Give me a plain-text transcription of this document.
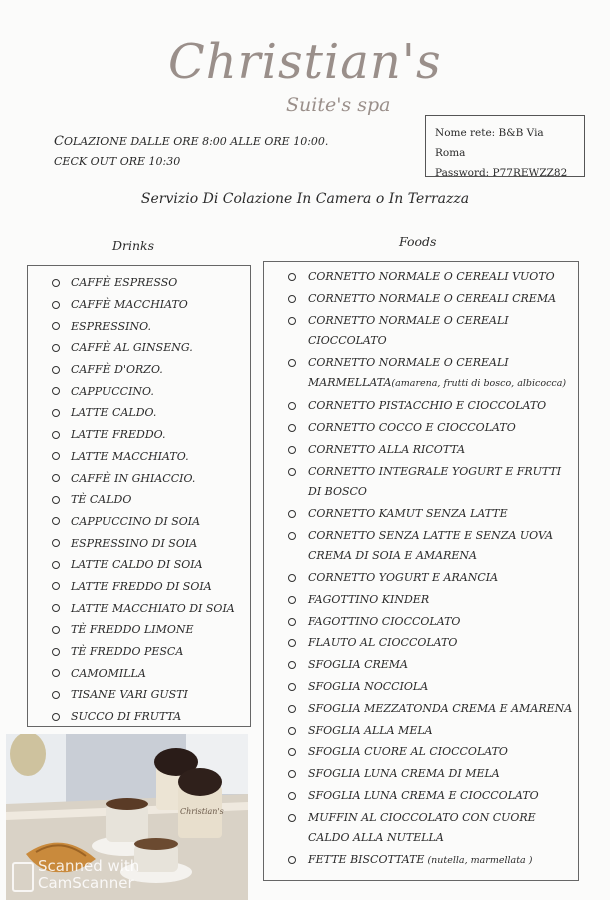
Christian's
Suite's spa
COLAZIONE DALLE ORE 8:00 ALLE ORE 10:00.
CECK OUT ORE 10:30
Nome rete: B&B Via Roma
Password: P77REWZZ82
Servizio Di Colazione In Camera o In Terrazza
Drinks	Foods
CAFFÈ ESPRESSO
CAFFÈ MACCHIATO
ESPRESSINO.
CAFFÈ AL GINSENG.
CAFFÈ D'ORZO.
CAPPUCCINO.
LATTE CALDO.
LATTE FREDDO.
LATTE MACCHIATO.
CAFFÈ IN GHIACCIO.
TÈ CALDO
CAPPUCCINO DI SOIA
ESPRESSINO DI SOIA
LATTE CALDO DI SOIA
LATTE FREDDO DI SOIA
LATTE MACCHIATO DI SOIA
TÈ FREDDO LIMONE
TÈ FREDDO PESCA
CAMOMILLA
TISANE VARI GUSTI
SUCCO DI FRUTTA
CORNETTO NORMALE O CEREALI VUOTO
CORNETTO NORMALE O CEREALI CREMA
CORNETTO NORMALE O CEREALI CIOCCOLATO
CORNETTO NORMALE O CEREALI MARMELLATA(amarena, frutti di bosco, albicocca)
CORNETTO PISTACCHIO E CIOCCOLATO
CORNETTO COCCO E CIOCCOLATO
CORNETTO ALLA RICOTTA
CORNETTO INTEGRALE YOGURT E FRUTTI DI BOSCO
CORNETTO KAMUT SENZA LATTE
CORNETTO SENZA LATTE E SENZA UOVA CREMA DI SOIA E AMARENA
CORNETTO YOGURT E ARANCIA
FAGOTTINO KINDER
FAGOTTINO CIOCCOLATO
FLAUTO AL CIOCCOLATO
SFOGLIA CREMA
SFOGLIA NOCCIOLA
SFOGLIA MEZZATONDA CREMA E AMARENA
SFOGLIA ALLA MELA
SFOGLIA CUORE AL CIOCCOLATO
SFOGLIA LUNA CREMA DI MELA
SFOGLIA LUNA CREMA E CIOCCOLATO
MUFFIN AL CIOCCOLATO CON CUORE CALDO ALLA NUTELLA
FETTE BISCOTTATE (nutella, marmellata )
Christian's
Scanned with
CamScanner
